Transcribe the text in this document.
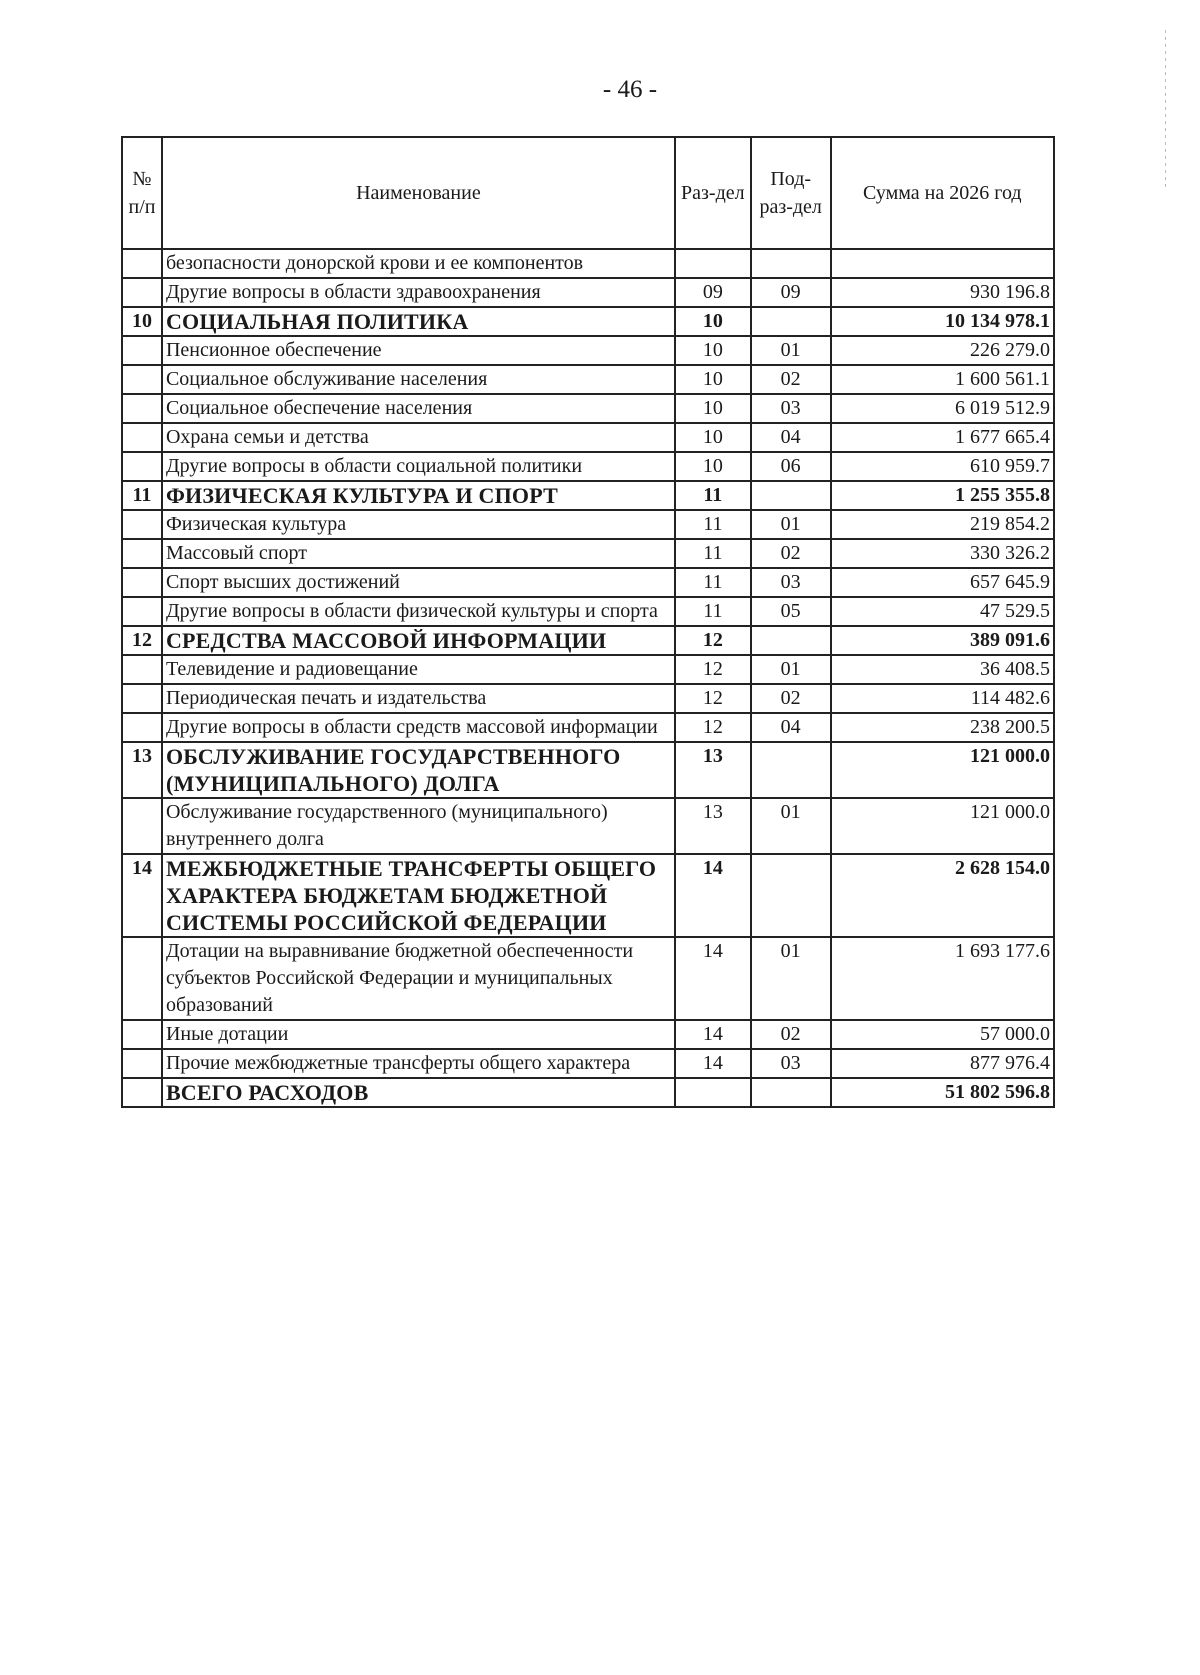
- 46 -
№ п/п	Наименование	Раз-дел	Под-раз-дел	Сумма на 2026 год
	безопасности донорской крови и ее компонентов			
	Другие вопросы в области здравоохранения	09	09	930 196.8
10	СОЦИАЛЬНАЯ ПОЛИТИКА	10		10 134 978.1
	Пенсионное обеспечение	10	01	226 279.0
	Социальное обслуживание населения	10	02	1 600 561.1
	Социальное обеспечение населения	10	03	6 019 512.9
	Охрана семьи и детства	10	04	1 677 665.4
	Другие вопросы в области социальной политики	10	06	610 959.7
11	ФИЗИЧЕСКАЯ КУЛЬТУРА И СПОРТ	11		1 255 355.8
	Физическая культура	11	01	219 854.2
	Массовый спорт	11	02	330 326.2
	Спорт высших достижений	11	03	657 645.9
	Другие вопросы в области физической культуры и спорта	11	05	47 529.5
12	СРЕДСТВА МАССОВОЙ ИНФОРМАЦИИ	12		389 091.6
	Телевидение и радиовещание	12	01	36 408.5
	Периодическая печать и издательства	12	02	114 482.6
	Другие вопросы в области средств массовой информации	12	04	238 200.5
13	ОБСЛУЖИВАНИЕ ГОСУДАРСТВЕННОГО (МУНИЦИПАЛЬНОГО) ДОЛГА	13		121 000.0
	Обслуживание государственного (муниципального) внутреннего долга	13	01	121 000.0
14	МЕЖБЮДЖЕТНЫЕ ТРАНСФЕРТЫ ОБЩЕГО ХАРАКТЕРА БЮДЖЕТАМ БЮДЖЕТНОЙ СИСТЕМЫ РОССИЙСКОЙ ФЕДЕРАЦИИ	14		2 628 154.0
	Дотации на выравнивание бюджетной обеспеченности субъектов Российской Федерации и муниципальных образований	14	01	1 693 177.6
	Иные дотации	14	02	57 000.0
	Прочие межбюджетные трансферты общего характера	14	03	877 976.4
	ВСЕГО РАСХОДОВ			51 802 596.8
